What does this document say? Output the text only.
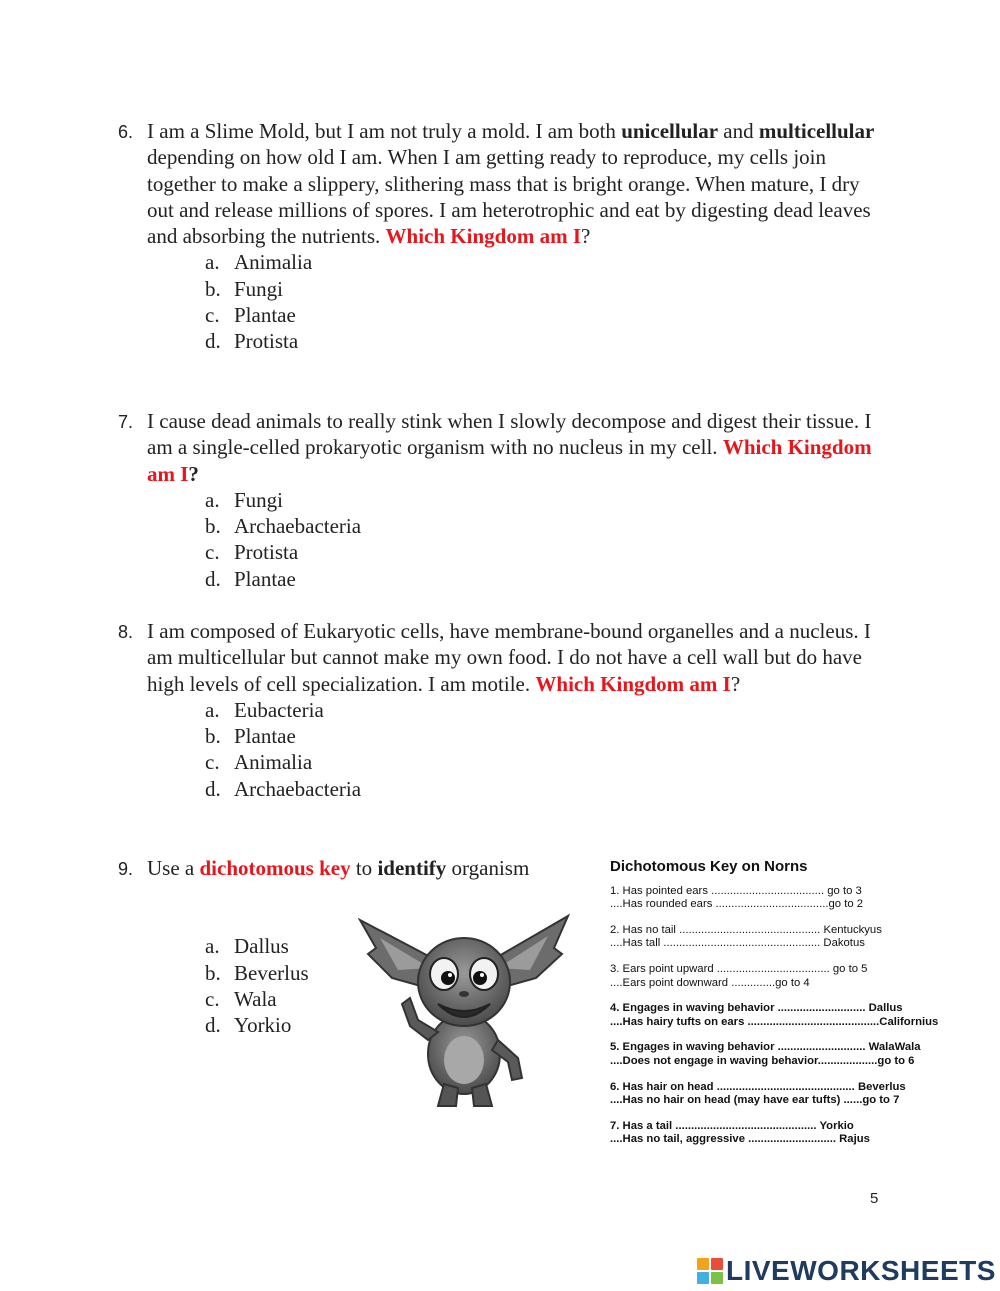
6. I am a Slime Mold, but I am not truly a mold. I am both unicellular and multicellular depending on how old I am. When I am getting ready to reproduce, my cells join together to make a slippery, slithering mass that is bright orange. When mature, I dry out and release millions of spores. I am heterotrophic and eat by digesting dead leaves and absorbing the nutrients. Which Kingdom am I?
a. Animalia
b. Fungi
c. Plantae
d. Protista
7. I cause dead animals to really stink when I slowly decompose and digest their tissue. I am a single-celled prokaryotic organism with no nucleus in my cell. Which Kingdom am I?
a. Fungi
b. Archaebacteria
c. Protista
d. Plantae
8. I am composed of Eukaryotic cells, have membrane-bound organelles and a nucleus. I am multicellular but cannot make my own food. I do not have a cell wall but do have high levels of cell specialization. I am motile. Which Kingdom am I?
a. Eubacteria
b. Plantae
c. Animalia
d. Archaebacteria
9. Use a dichotomous key to identify organism
a. Dallus
b. Beverlus
c. Wala
d. Yorkio
Dichotomous Key on Norns
1. Has pointed ears .................................... go to 3
....Has rounded ears ....................................go to 2
2. Has no tail ............................................. Kentuckyus
....Has tall .................................................. Dakotus
3. Ears point upward .................................... go to 5
....Ears point downward ..............go to 4
4. Engages in waving behavior ............................ Dallus
....Has hairy tufts on ears ..........................................Californius
5. Engages in waving behavior ............................ WalaWala
....Does not engage in waving behavior...................go to 6
6. Has hair on head ............................................ Beverlus
....Has no hair on head (may have ear tufts) ......go to 7
7. Has a tail ............................................. Yorkio
....Has no tail, aggressive ............................ Rajus
5
LIVEWORKSHEETS
